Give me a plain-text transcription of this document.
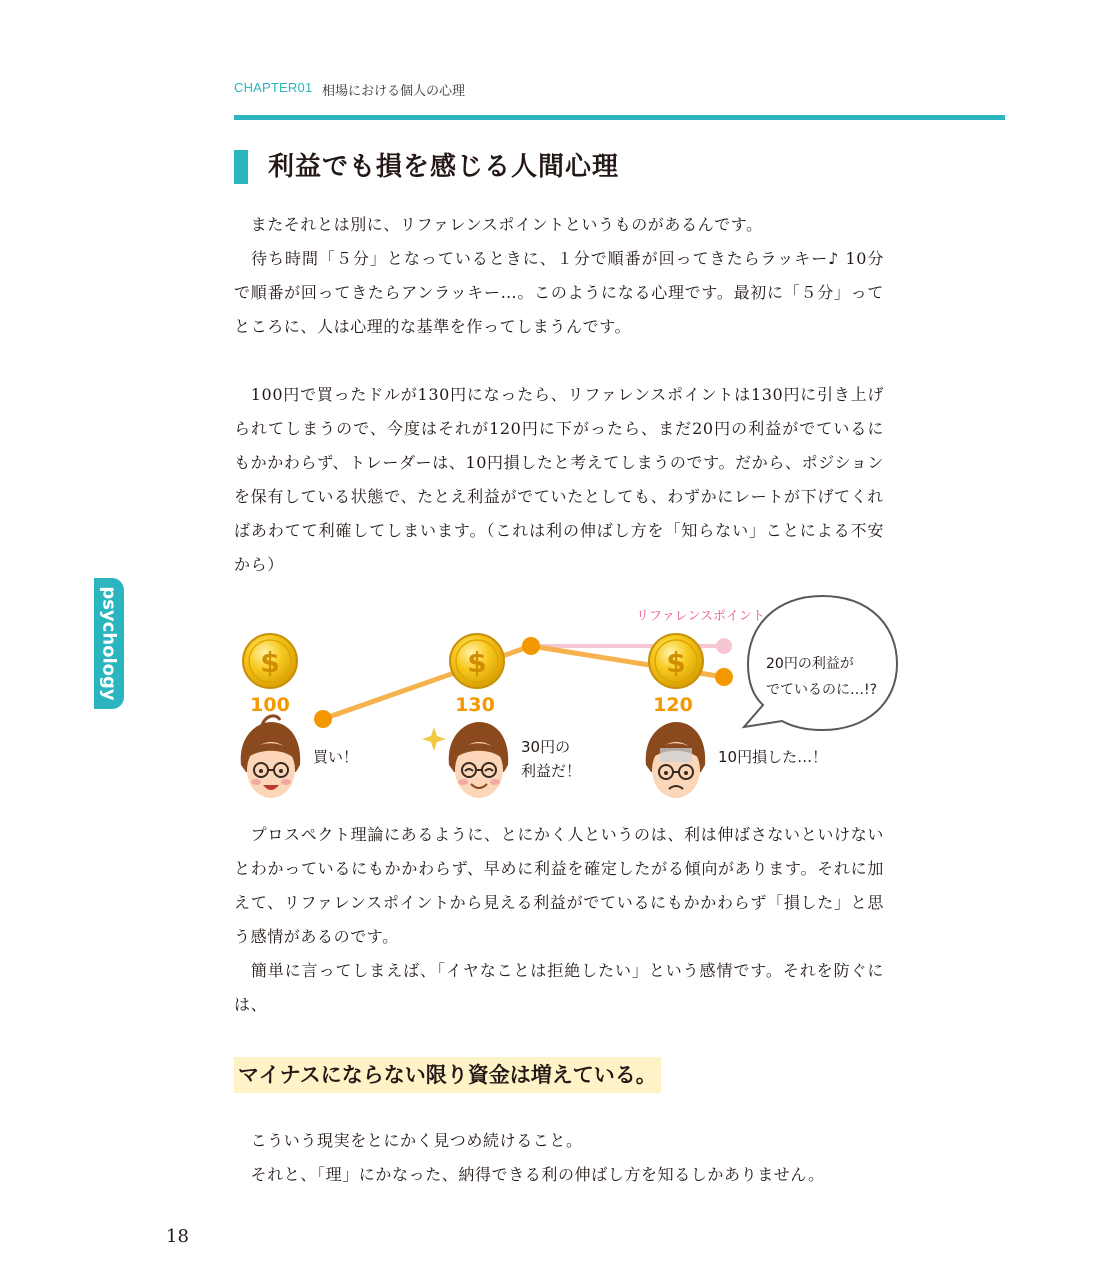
CHAPTER01 相場における個人の心理
利益でも損を感じる人間心理

　またそれとは別に、リファレンスポイントというものがあるんです。

　待ち時間「５分」となっているときに、１分で順番が回ってきたらラッキー♪ 10分で順番が回ってきたらアンラッキー…。このようになる心理です。最初に「５分」ってところに、人は心理的な基準を作ってしまうんです。

　100円で買ったドルが130円になったら、リファレンスポイントは130円に引き上げられてしまうので、今度はそれが120円に下がったら、まだ20円の利益がでているにもかかわらず、トレーダーは、10円損したと考えてしまうのです。だから、ポジションを保有している状態で、たとえ利益がでていたとしても、わずかにレートが下げてくればあわてて利確してしまいます。（これは利の伸ばし方を「知らない」ことによる不安から）

psychology	リファレンスポイント
$	$	$
100	130	120
買い！
30円の
利益だ！
10円損した…！
20円の利益が
でているのに…!?

　プロスペクト理論にあるように、とにかく人というのは、利は伸ばさないといけないとわかっているにもかかわらず、早めに利益を確定したがる傾向があります。それに加えて、リファレンスポイントから見える利益がでているにもかかわらず「損した」と思う感情があるのです。

　簡単に言ってしまえば、「イヤなことは拒絶したい」という感情です。それを防ぐには、

マイナスにならない限り資金は増えている。

　こういう現実をとにかく見つめ続けること。

　それと、「理」にかなった、納得できる利の伸ばし方を知るしかありません。

18
